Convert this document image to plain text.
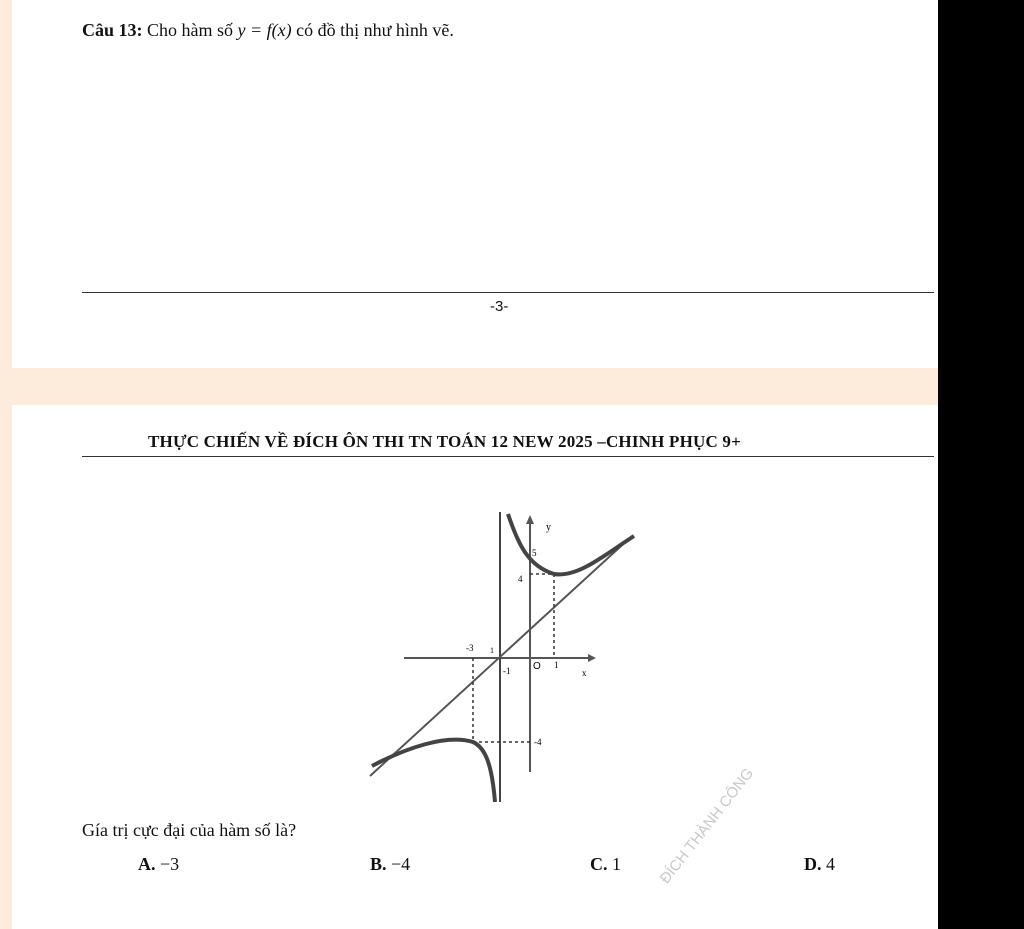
Câu 13: Cho hàm số y = f(x) có đồ thị như hình vẽ.
-3-
THỰC CHIẾN VỀ ĐÍCH ÔN THI TN TOÁN 12 NEW 2025 –CHINH PHỤC 9+
y
x
O
5
4
-3 1
-1
1
-4
Gía trị cực đại của hàm số là?
A. −3	B. −4	C. 1	D. 4
ĐÍCH THÀNH CÔNG
